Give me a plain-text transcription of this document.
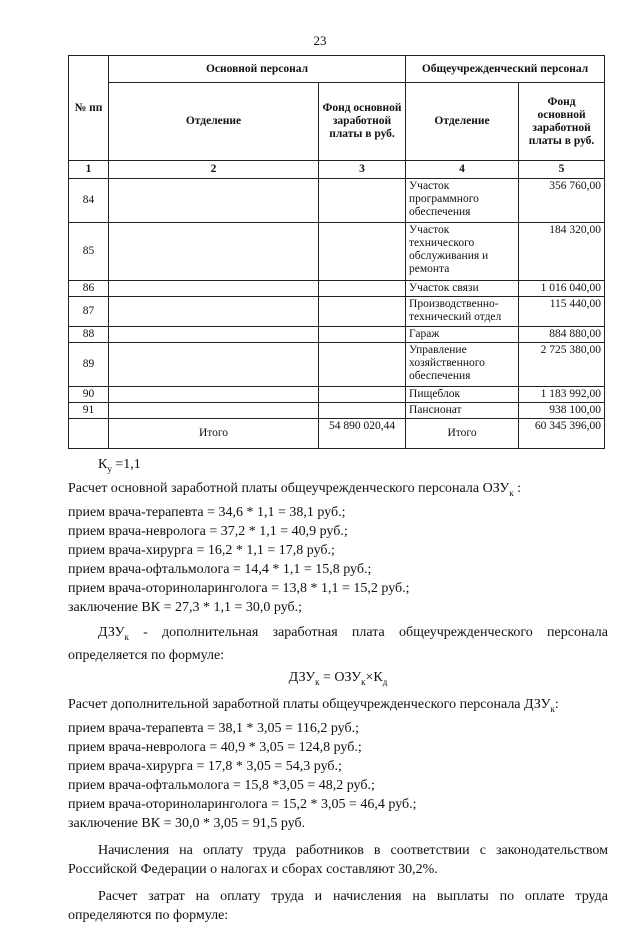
23
№ пп	Основной персонал		Общеучрежденческий персонал	
	Отделение	Фонд основной заработной платы в руб.	Отделение	Фонд основной заработной платы в руб.
1	2	3	4	5
84			Участок программного обеспечения	356 760,00
85			Участок технического обслуживания и ремонта	184 320,00
86			Участок связи	1 016 040,00
87			Производственно-технический отдел	115 440,00
88			Гараж	884 880,00
89			Управление хозяйственного обеспечения	2 725 380,00
90			Пищеблок	1 183 992,00
91			Пансионат	938 100,00
	Итого	54 890 020,44	Итого	60 345 396,00

$К_у =1,1$

Расчет основной заработной платы общеучрежденческого персонала $ОЗУ_к$ :

прием врача-терапевта = 34,6 * 1,1 = 38,1 руб.;

прием врача-невролога = 37,2 * 1,1 = 40,9 руб.;

прием врача-хирурга = 16,2 * 1,1 = 17,8 руб.;

прием врача-офтальмолога = 14,4 * 1,1 = 15,8 руб.;

прием врача-оториноларинголога = 13,8 * 1,1 = 15,2 руб.;

заключение ВК = 27,3 * 1,1 = 30,0 руб.;

$ДЗУ_к$ - дополнительная заработная плата общеучрежденческого персонала определяется по формуле:

$ДЗУ_к = ОЗУ_к\times К_д$

Расчет дополнительной заработной платы общеучрежденческого персонала $ДЗУ_к$:

прием врача-терапевта = 38,1 * 3,05 = 116,2 руб.;

прием врача-невролога = 40,9 * 3,05 = 124,8 руб.;

прием врача-хирурга = 17,8 * 3,05 = 54,3 руб.;

прием врача-офтальмолога = 15,8 *3,05 = 48,2 руб.;

прием врача-оториноларинголога = 15,2 * 3,05 = 46,4 руб.;

заключение ВК = 30,0 * 3,05 = 91,5 руб.

Начисления на оплату труда работников в соответствии с законодательством Российской Федерации о налогах и сборах составляют 30,2%.

Расчет затрат на оплату труда и начисления на выплаты по оплате труда определяются по формуле:
